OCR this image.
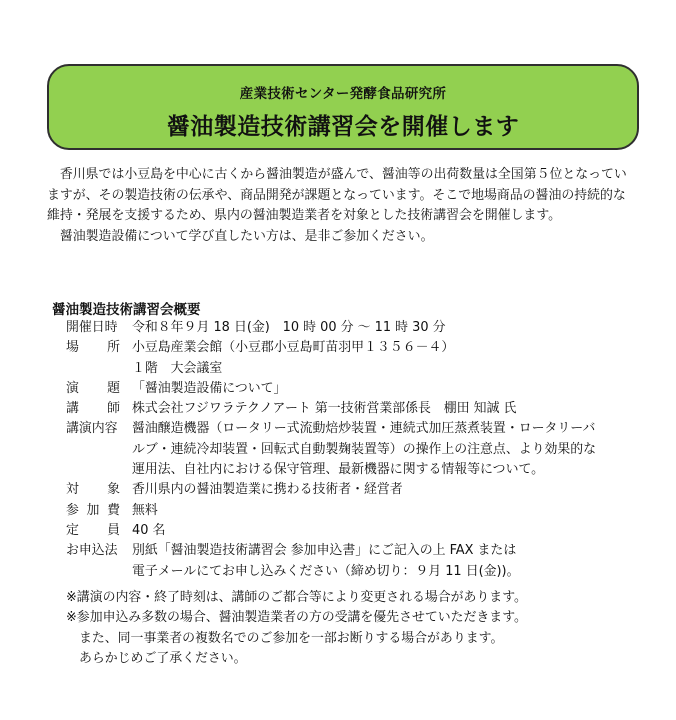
産業技術センター発酵食品研究所
醤油製造技術講習会を開催します

香川県では小豆島を中心に古くから醤油製造が盛んで、醤油等の出荷数量は全国第５位となっていますが、その製造技術の伝承や、商品開発が課題となっています。そこで地場商品の醤油の持続的な維持・発展を支援するため、県内の醤油製造業者を対象とした技術講習会を開催します。

醤油製造設備について学び直したい方は、是非ご参加ください。

醤油製造技術講習会概要
開催日時	令和８年９月 18 日(金)　10 時 00 分 ～ 11 時 30 分
場 所 小豆島産業会館（小豆郡小豆島町苗羽甲１３５６－４）
１階　大会議室
演 題 「醤油製造設備について」
講 師 株式会社フジワラテクノアート 第一技術営業部係長　棚田 知誠 氏
講演内容	醤油醸造機器（ロータリー式流動焙炒装置・連続式加圧蒸煮装置・ロータリーバ
ルブ・連続冷却装置・回転式自動製麹装置等）の操作上の注意点、より効果的な
運用法、自社内における保守管理、最新機器に関する情報等について。
対 象 香川県内の醤油製造業に携わる技術者・経営者
参 加 費 無料
定 員 40 名
お申込法	別紙「醤油製造技術講習会 参加申込書」にご記入の上 FAX または
電子メールにてお申し込みください（締め切り：９月 11 日(金))。
※講演の内容・終了時刻は、講師のご都合等により変更される場合があります。
※参加申込み多数の場合、醤油製造業者の方の受講を優先させていただきます。
また、同一事業者の複数名でのご参加を一部お断りする場合があります。
あらかじめご了承ください。
